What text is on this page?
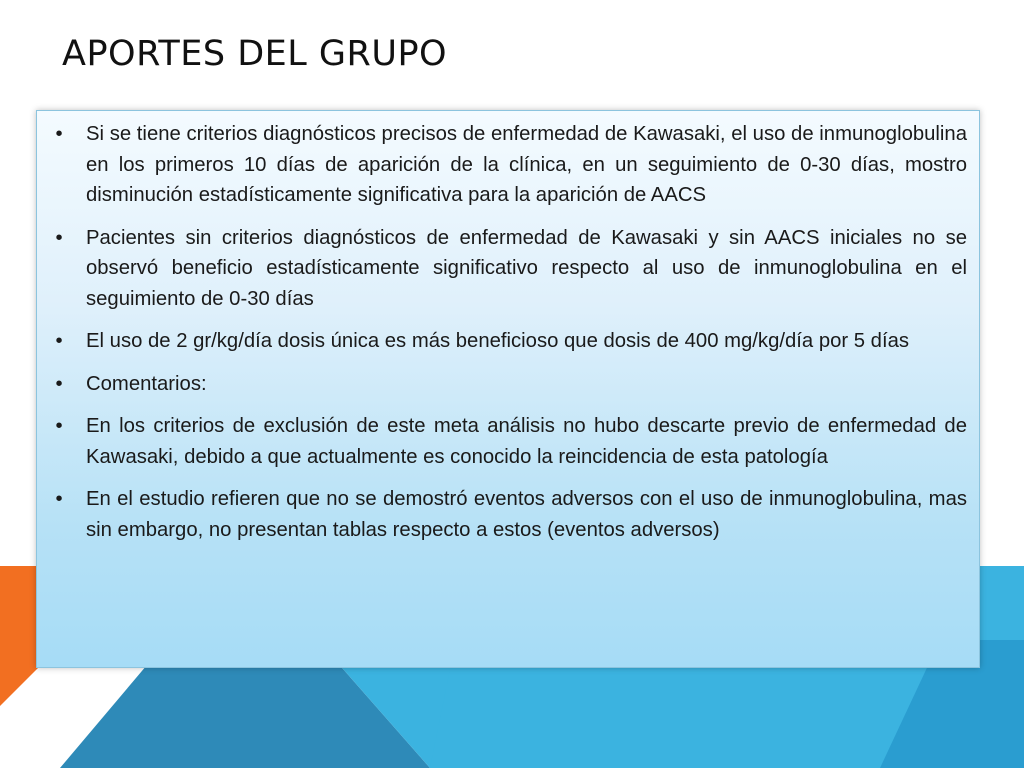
APORTES DEL GRUPO
• Si se tiene criterios diagnósticos precisos de enfermedad de Kawasaki, el uso de inmunoglobulina en los primeros 10 días de aparición de la clínica, en un seguimiento de 0-30 días, mostro disminución estadísticamente significativa para la aparición de AACS
• Pacientes sin criterios diagnósticos de enfermedad de Kawasaki y sin AACS iniciales no se observó beneficio estadísticamente significativo respecto al uso de inmunoglobulina en el seguimiento de 0-30 días
• El uso de 2 gr/kg/día dosis única es más beneficioso que dosis de 400 mg/kg/día por 5 días
• Comentarios:
• En los criterios de exclusión de este meta análisis no hubo descarte previo de enfermedad de Kawasaki, debido a que actualmente es conocido la reincidencia de esta patología
• En el estudio refieren que no se demostró eventos adversos con el uso de inmunoglobulina, mas sin embargo, no presentan tablas respecto a estos (eventos adversos)
